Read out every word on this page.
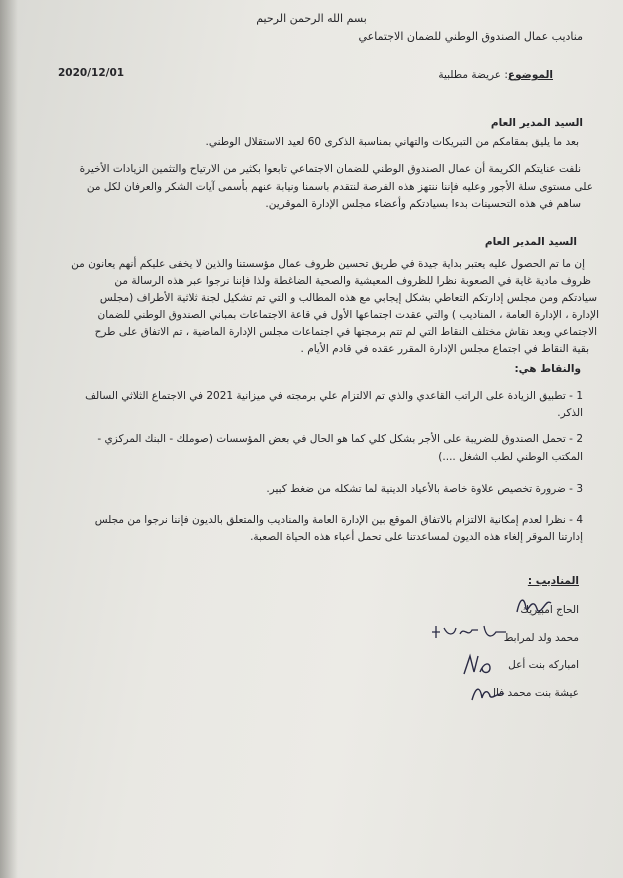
بسم الله الرحمن الرحيم
مناديب عمال الصندوق الوطني للضمان الاجتماعي
2020/12/01	الموضوع: عريضة مطلبية
السيد المدير العام
بعد ما يليق بمقامكم من التبريكات والتهاني بمناسبة الذكرى 60 لعيد الاستقلال الوطني.
نلفت عنايتكم الكريمة أن عمال الصندوق الوطني للضمان الاجتماعي تابعوا بكثير من الارتياح والتثمين الزيادات الأخيرة
على مستوى سلة الأجور وعليه فإننا ننتهز هذه الفرصة لنتقدم باسمنا ونيابة عنهم بأسمى آيات الشكر والعرفان لكل من
ساهم في هذه التحسينات بدءا بسيادتكم وأعضاء مجلس الإدارة الموقرين.
السيد المدير العام
إن ما تم الحصول عليه يعتبر بداية جيدة في طريق تحسين ظروف عمال مؤسستنا والذين لا يخفى عليكم أنهم يعانون من
ظروف مادية غاية في الصعوبة نظرا للظروف المعيشية والصحية الضاغطة ولذا فإننا نرجوا عبر هذه الرسالة من
سيادتكم ومن مجلس إدارتكم التعاطي بشكل إيجابي مع هذه المطالب و التي تم تشكيل لجنة ثلاثية الأطراف (مجلس
الإدارة ، الإدارة العامة ، المناديب ) والتي عقدت اجتماعها الأول في قاعة الاجتماعات بمباني الصندوق الوطني للضمان
الاجتماعي وبعد نقاش مختلف النقاط التي لم تتم برمجتها في اجتماعات مجلس الإدارة الماضية ، تم الاتفاق على طرح
بقية النقاط في اجتماع مجلس الإدارة المقرر عقده في قادم الأيام .
والنقاط هي:
1 - تطبيق الزيادة على الراتب القاعدي والذي تم الالتزام علي برمجته في ميزانية 2021 في الاجتماع الثلاثي السالف
الذكر.
2 - تحمل الصندوق للضريبة على الأجر بشكل كلي كما هو الحال في بعض المؤسسات (صوملك - البنك المركزي -
المكتب الوطني لطب الشغل ....)
3 - ضرورة تخصيص علاوة خاصة بالأعياد الدينية لما تشكله من ضغط كبير.
4 - نظرا لعدم إمكانية الالتزام بالاتفاق الموقع بين الإدارة العامة والمناديب والمتعلق بالديون فإننا نرجوا من مجلس
إدارتنا الموقر إلغاء هذه الديون لمساعدتنا على تحمل أعباء هذه الحياة الصعبة.
المناديب :
الحاج امبيريك
محمد ولد لمرابط
امباركه بنت أعل
عيشة بنت محمد فال
